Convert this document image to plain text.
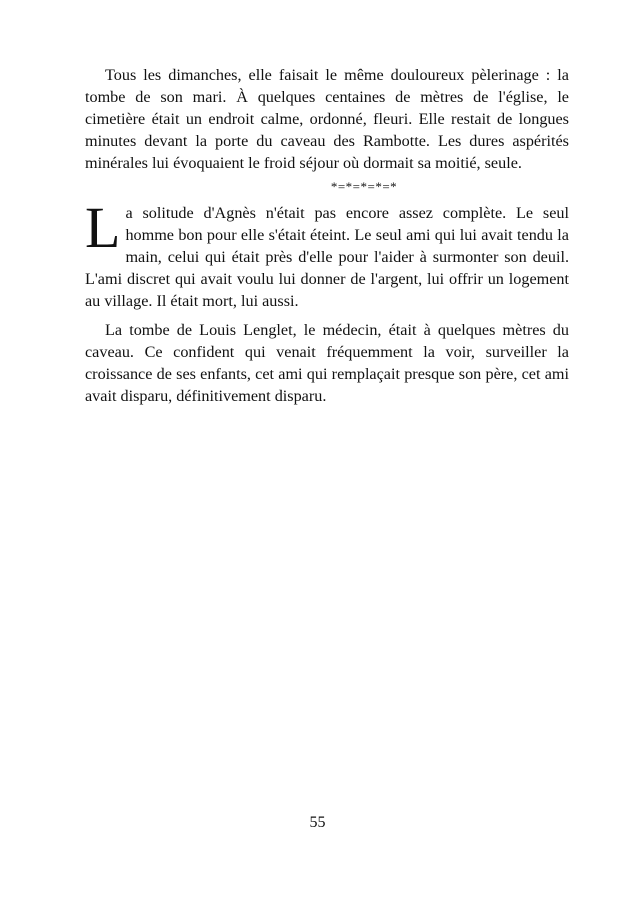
Tous les dimanches, elle faisait le même douloureux pèlerinage : la tombe de son mari. À quelques centaines de mètres de l'église, le cimetière était un endroit calme, ordonné, fleuri. Elle restait de longues minutes devant la porte du caveau des Rambotte. Les dures aspérités minérales lui évoquaient le froid séjour où dormait sa moitié, seule.

*=*=*=*=*

La solitude d'Agnès n'était pas encore assez complète. Le seul homme bon pour elle s'était éteint. Le seul ami qui lui avait tendu la main, celui qui était près d'elle pour l'aider à surmonter son deuil. L'ami discret qui avait voulu lui donner de l'argent, lui offrir un logement au village. Il était mort, lui aussi.

La tombe de Louis Lenglet, le médecin, était à quelques mètres du caveau. Ce confident qui venait fréquemment la voir, surveiller la croissance de ses enfants, cet ami qui remplaçait presque son père, cet ami avait disparu, définitivement disparu.

55
